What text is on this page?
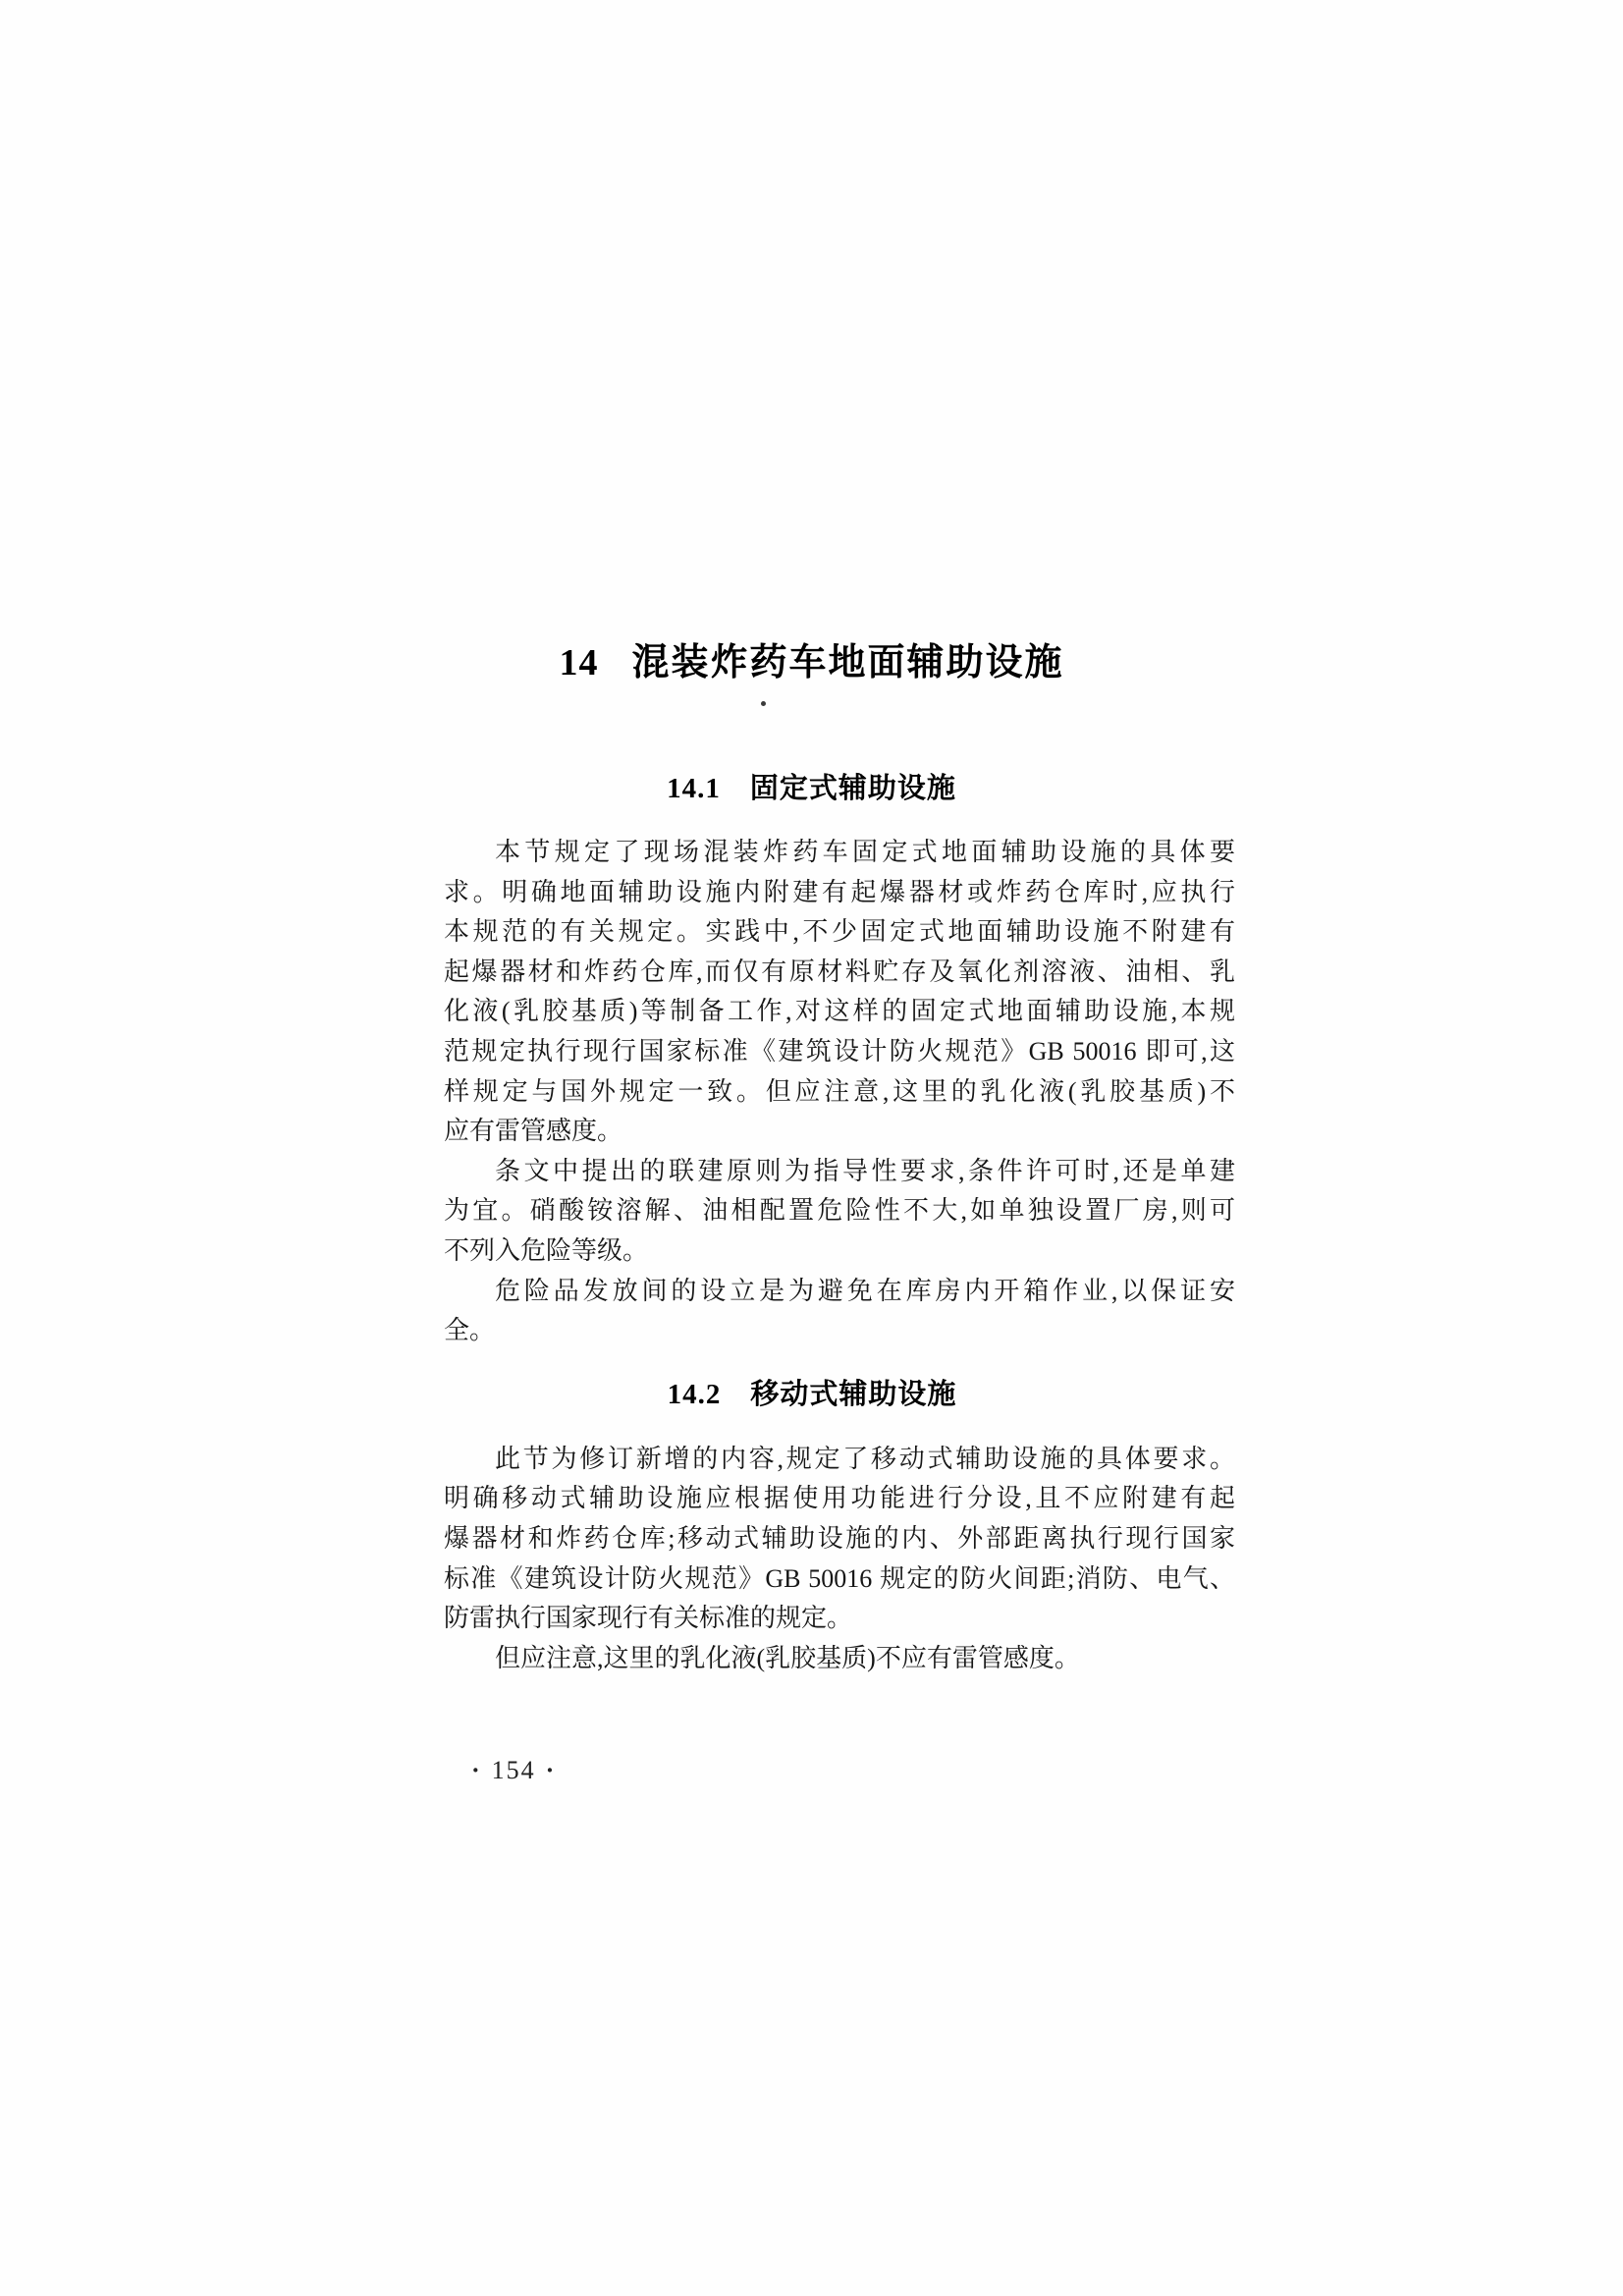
14 混装炸药车地面辅助设施
14.1 固定式辅助设施
本节规定了现场混装炸药车固定式地面辅助设施的具体要
求。明确地面辅助设施内附建有起爆器材或炸药仓库时,应执行
本规范的有关规定。实践中,不少固定式地面辅助设施不附建有
起爆器材和炸药仓库,而仅有原材料贮存及氧化剂溶液、油相、乳
化液(乳胶基质)等制备工作,对这样的固定式地面辅助设施,本规
范规定执行现行国家标准《建筑设计防火规范》GB 50016 即可,这
样规定与国外规定一致。但应注意,这里的乳化液(乳胶基质)不
应有雷管感度。
条文中提出的联建原则为指导性要求,条件许可时,还是单建
为宜。硝酸铵溶解、油相配置危险性不大,如单独设置厂房,则可
不列入危险等级。
危险品发放间的设立是为避免在库房内开箱作业,以保证安
全。
14.2 移动式辅助设施
此节为修订新增的内容,规定了移动式辅助设施的具体要求。
明确移动式辅助设施应根据使用功能进行分设,且不应附建有起
爆器材和炸药仓库;移动式辅助设施的内、外部距离执行现行国家
标准《建筑设计防火规范》GB 50016 规定的防火间距;消防、电气、
防雷执行国家现行有关标准的规定。
但应注意,这里的乳化液(乳胶基质)不应有雷管感度。
· 154 ·
